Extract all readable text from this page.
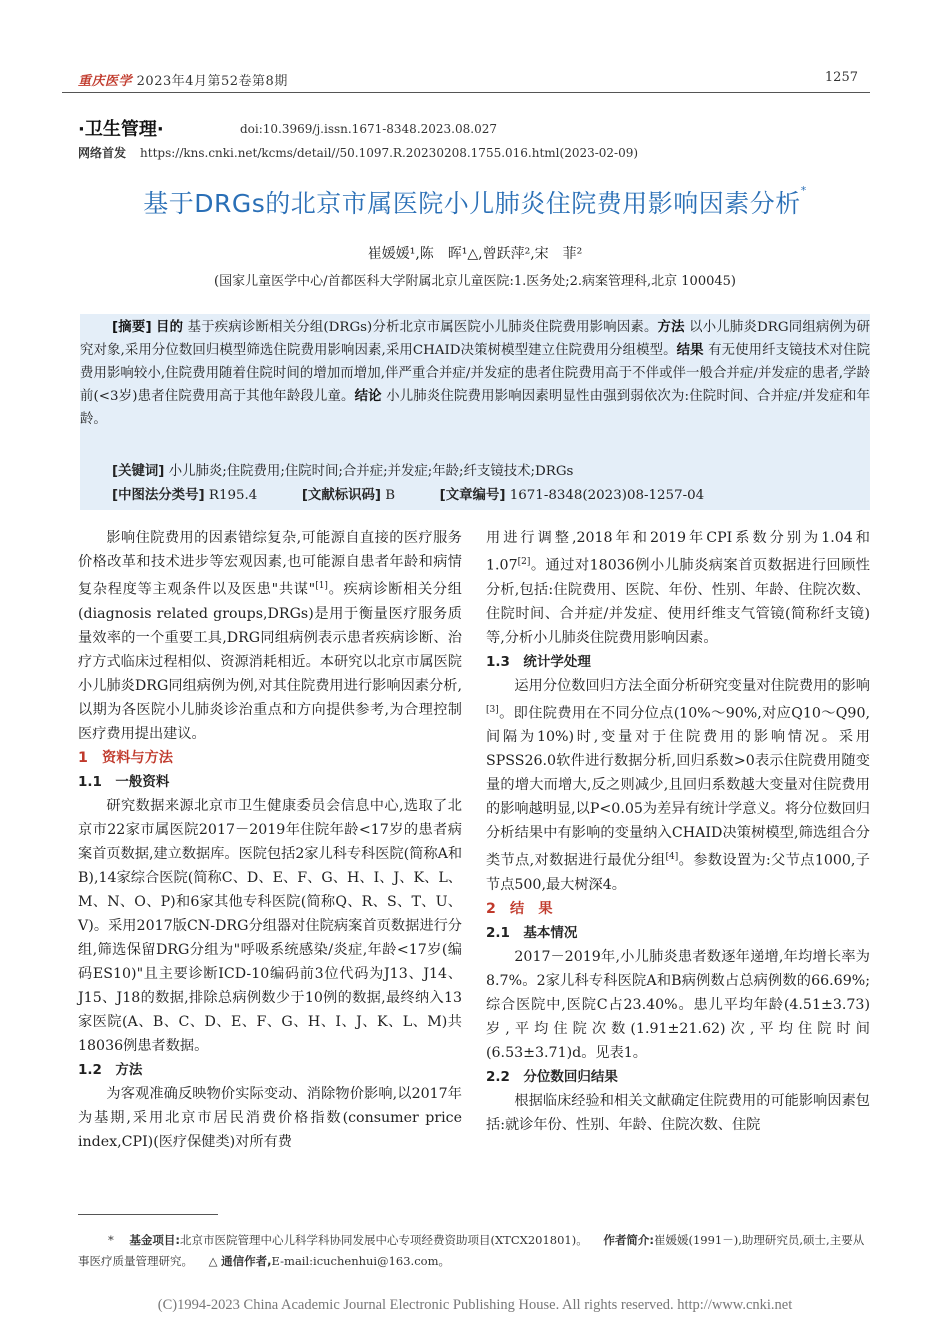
重庆医学 2023年4月第52卷第8期	1257
·卫生管理·	doi:10.3969/j.issn.1671-8348.2023.08.027
网络首发 https://kns.cnki.net/kcms/detail//50.1097.R.20230208.1755.016.html(2023-02-09)
基于DRGs的北京市属医院小儿肺炎住院费用影响因素分析*
崔媛媛¹,陈　晖¹△,曾跃萍²,宋　菲²
(国家儿童医学中心/首都医科大学附属北京儿童医院:1.医务处;2.病案管理科,北京 100045)
[摘要] 目的 基于疾病诊断相关分组(DRGs)分析北京市属医院小儿肺炎住院费用影响因素。方法 以小儿肺炎DRG同组病例为研究对象,采用分位数回归模型筛选住院费用影响因素,采用CHAID决策树模型建立住院费用分组模型。结果 有无使用纤支镜技术对住院费用影响较小,住院费用随着住院时间的增加而增加,伴严重合并症/并发症的患者住院费用高于不伴或伴一般合并症/并发症的患者,学龄前(<3岁)患者住院费用高于其他年龄段儿童。结论 小儿肺炎住院费用影响因素明显性由强到弱依次为:住院时间、合并症/并发症和年龄。
[关键词] 小儿肺炎;住院费用;住院时间;合并症;并发症;年龄;纤支镜技术;DRGs
[中图法分类号] R195.4	[文献标识码] B	[文章编号] 1671-8348(2023)08-1257-04

影响住院费用的因素错综复杂,可能源自直接的医疗服务价格改革和技术进步等宏观因素,也可能源自患者年龄和病情复杂程度等主观条件以及医患"共谋"[1]。疾病诊断相关分组(diagnosis related groups,DRGs)是用于衡量医疗服务质量效率的一个重要工具,DRG同组病例表示患者疾病诊断、治疗方式临床过程相似、资源消耗相近。本研究以北京市属医院小儿肺炎DRG同组病例为例,对其住院费用进行影响因素分析,以期为各医院小儿肺炎诊治重点和方向提供参考,为合理控制医疗费用提出建议。

1　资料与方法

1.1　一般资料

研究数据来源北京市卫生健康委员会信息中心,选取了北京市22家市属医院2017－2019年住院年龄<17岁的患者病案首页数据,建立数据库。医院包括2家儿科专科医院(简称A和B),14家综合医院(简称C、D、E、F、G、H、I、J、K、L、M、N、O、P)和6家其他专科医院(简称Q、R、S、T、U、V)。采用2017版CN-DRG分组器对住院病案首页数据进行分组,筛选保留DRG分组为"呼吸系统感染/炎症,年龄<17岁(编码ES10)"且主要诊断ICD-10编码前3位代码为J13、J14、J15、J18的数据,排除总病例数少于10例的数据,最终纳入13家医院(A、B、C、D、E、F、G、H、I、J、K、L、M)共18036例患者数据。

1.2　方法

为客观准确反映物价实际变动、消除物价影响,以2017年为基期,采用北京市居民消费价格指数(consumer price index,CPI)(医疗保健类)对所有费

用进行调整,2018年和2019年CPI系数分别为1.04和1.07[2]。通过对18036例小儿肺炎病案首页数据进行回顾性分析,包括:住院费用、医院、年份、性别、年龄、住院次数、住院时间、合并症/并发症、使用纤维支气管镜(简称纤支镜)等,分析小儿肺炎住院费用影响因素。

1.3　统计学处理

运用分位数回归方法全面分析研究变量对住院费用的影响[3]。即住院费用在不同分位点(10%～90%,对应Q10～Q90,间隔为10%)时,变量对于住院费用的影响情况。采用SPSS26.0软件进行数据分析,回归系数>0表示住院费用随变量的增大而增大,反之则减少,且回归系数越大变量对住院费用的影响越明显,以P<0.05为差异有统计学意义。将分位数回归分析结果中有影响的变量纳入CHAID决策树模型,筛选组合分类节点,对数据进行最优分组[4]。参数设置为:父节点1000,子节点500,最大树深4。

2　结　果

2.1　基本情况

2017－2019年,小儿肺炎患者数逐年递增,年均增长率为8.7%。2家儿科专科医院A和B病例数占总病例数的66.69%;综合医院中,医院C占23.40%。患儿平均年龄(4.51±3.73)岁,平均住院次数(1.91±21.62)次,平均住院时间(6.53±3.71)d。见表1。

2.2　分位数回归结果

根据临床经验和相关文献确定住院费用的可能影响因素包括:就诊年份、性别、年龄、住院次数、住院

* 基金项目:北京市医院管理中心儿科学科协同发展中心专项经费资助项目(XTCX201801)。 作者简介:崔媛媛(1991－),助理研究员,硕士,主要从事医疗质量管理研究。 △ 通信作者,E-mail:icuchenhui@163.com。
(C)1994-2023 China Academic Journal Electronic Publishing House. All rights reserved. http://www.cnki.net
